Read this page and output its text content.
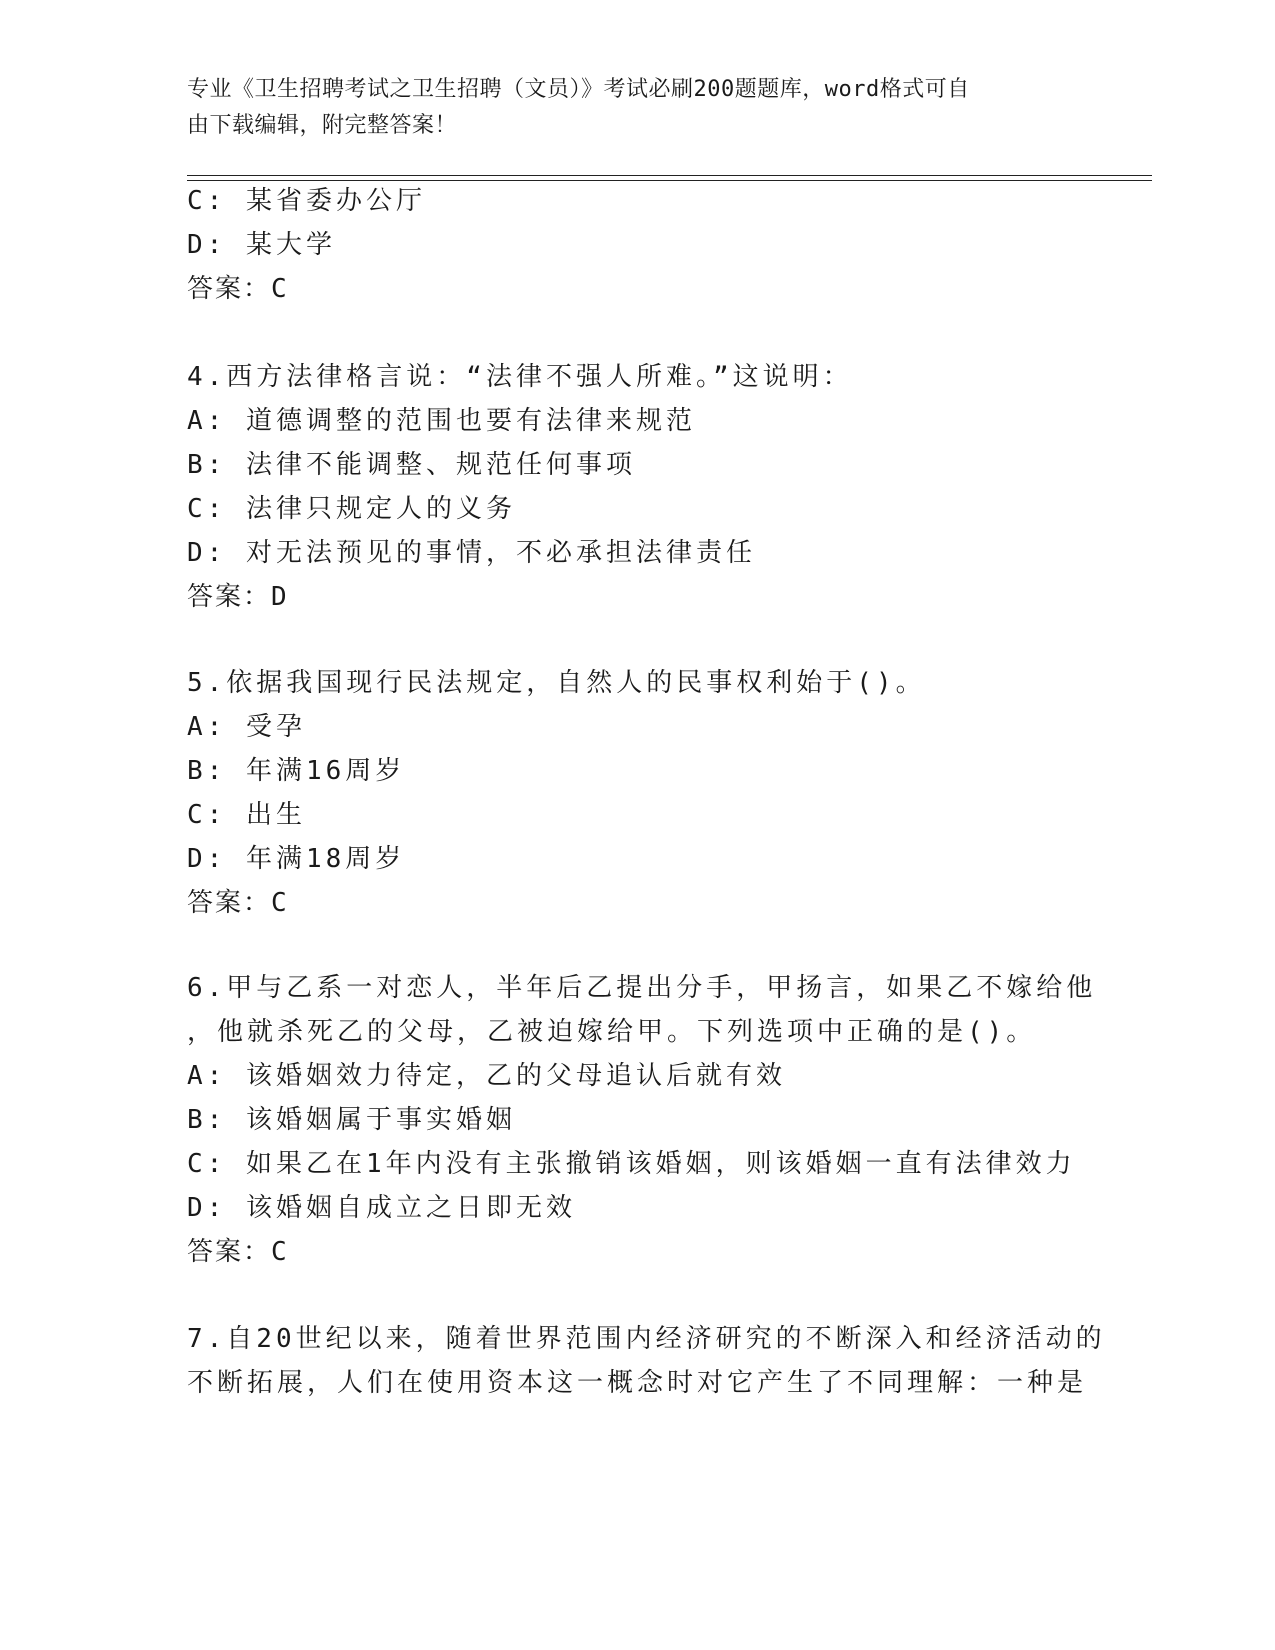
专业《卫生招聘考试之卫生招聘（文员）》考试必刷200题题库，word格式可自
由下载编辑，附完整答案！
C: 某省委办公厅
D: 某大学
答案：C
4.西方法律格言说：“法律不强人所难。”这说明：
A: 道德调整的范围也要有法律来规范
B: 法律不能调整、规范任何事项
C: 法律只规定人的义务
D: 对无法预见的事情，不必承担法律责任
答案：D
5.依据我国现行民法规定，自然人的民事权利始于()。
A: 受孕
B: 年满16周岁
C: 出生
D: 年满18周岁
答案：C
6.甲与乙系一对恋人，半年后乙提出分手，甲扬言，如果乙不嫁给他
，他就杀死乙的父母，乙被迫嫁给甲。下列选项中正确的是()。
A: 该婚姻效力待定，乙的父母追认后就有效
B: 该婚姻属于事实婚姻
C: 如果乙在1年内没有主张撤销该婚姻，则该婚姻一直有法律效力
D: 该婚姻自成立之日即无效
答案：C
7.自20世纪以来，随着世界范围内经济研究的不断深入和经济活动的
不断拓展，人们在使用资本这一概念时对它产生了不同理解：一种是
